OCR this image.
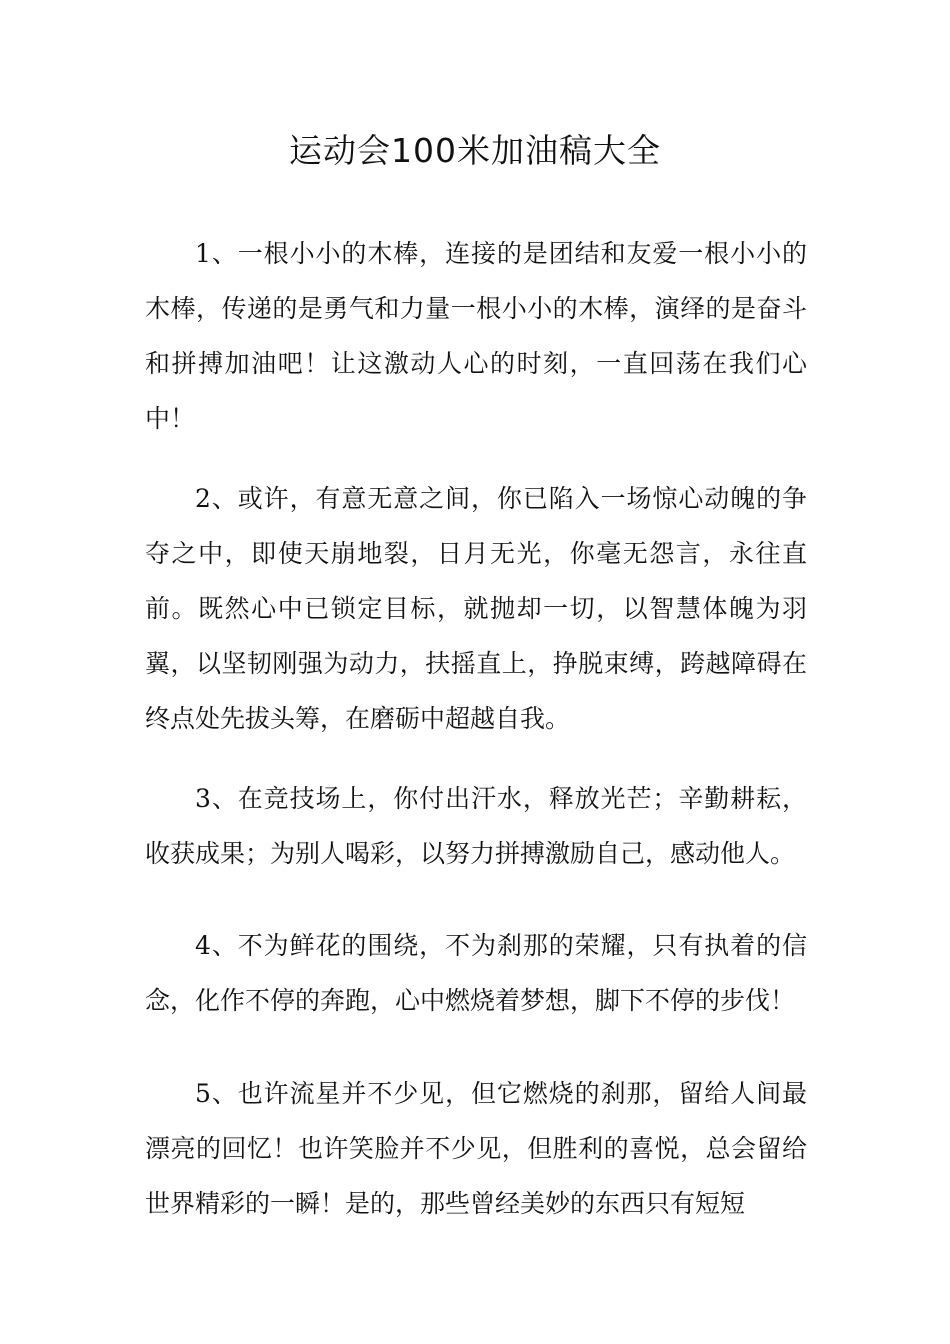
运动会100米加油稿大全

1、一根小小的木棒，连接的是团结和友爱一根小小的木棒，传递的是勇气和力量一根小小的木棒，演绎的是奋斗和拼搏加油吧！让这激动人心的时刻，一直回荡在我们心中！

2、或许，有意无意之间，你已陷入一场惊心动魄的争夺之中，即使天崩地裂，日月无光，你毫无怨言，永往直前。既然心中已锁定目标，就抛却一切，以智慧体魄为羽翼，以坚韧刚强为动力，扶摇直上，挣脱束缚，跨越障碍在终点处先拔头筹，在磨砺中超越自我。

3、在竞技场上，你付出汗水，释放光芒；辛勤耕耘，收获成果；为别人喝彩，以努力拼搏激励自己，感动他人。

4、不为鲜花的围绕，不为刹那的荣耀，只有执着的信念，化作不停的奔跑，心中燃烧着梦想，脚下不停的步伐！

5、也许流星并不少见，但它燃烧的刹那，留给人间最漂亮的回忆！也许笑脸并不少见，但胜利的喜悦，总会留给世界精彩的一瞬！是的，那些曾经美妙的东西只有短短
